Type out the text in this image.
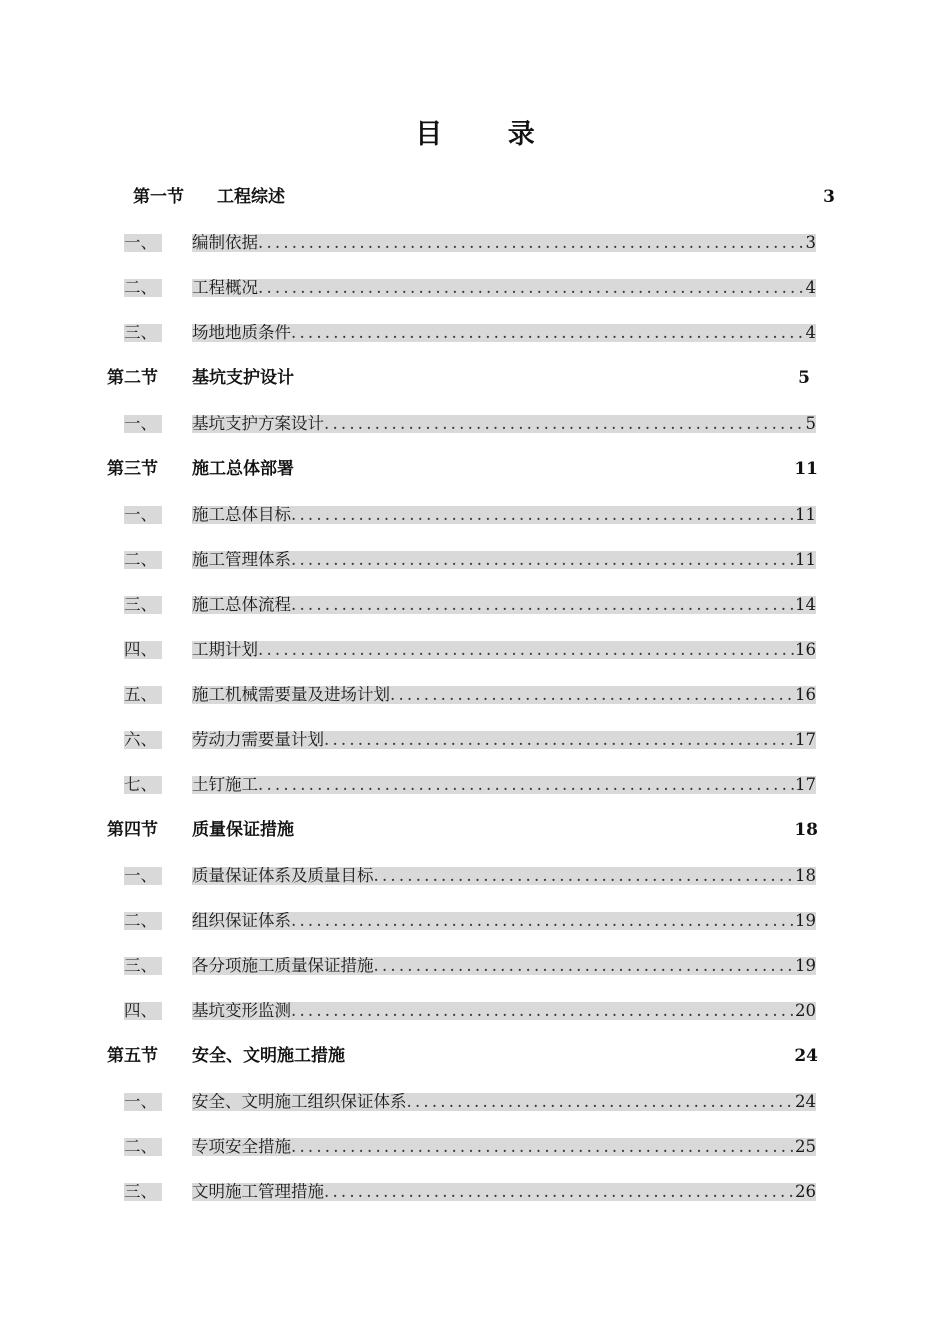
目 录
第一节 工程综述	3
一、	编制依据 .....	3
二、	工程概况 .....	4
三、	场地地质条件 .....	4
第二节 基坑支护设计	5
一、	基坑支护方案设计 .....	5
第三节 施工总体部署	11
一、	施工总体目标 .....	11
二、	施工管理体系 .....	11
三、	施工总体流程 .....	14
四、	工期计划 .....	16
五、	施工机械需要量及进场计划 .....	16
六、	劳动力需要量计划 .....	17
七、	土钉施工 .....	17
第四节 质量保证措施	18
一、	质量保证体系及质量目标 .....	18
二、	组织保证体系 .....	19
三、	各分项施工质量保证措施 .....	19
四、	基坑变形监测 .....	20
第五节 安全、文明施工措施	24
一、	安全、文明施工组织保证体系 .....	24
二、	专项安全措施 .....	25
三、	文明施工管理措施 .....	26
